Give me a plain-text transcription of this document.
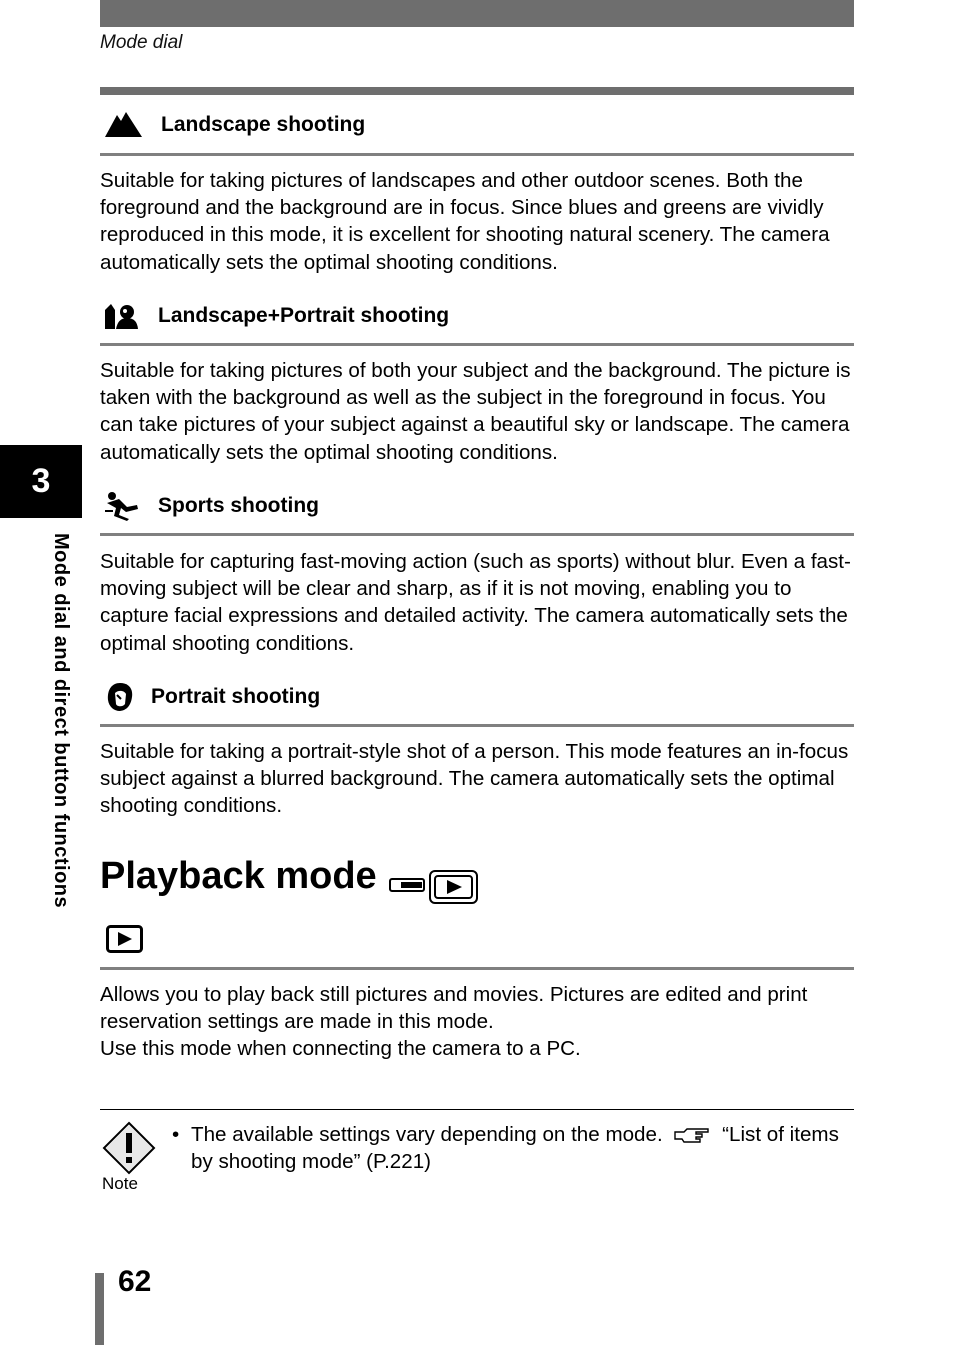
Mode dial
3
Mode dial and direct button functions
Landscape shooting

Suitable for taking pictures of landscapes and other outdoor scenes. Both the foreground and the background are in focus. Since blues and greens are vividly reproduced in this mode, it is excellent for shooting natural scenery. The camera automatically sets the optimal shooting conditions.

Landscape+Portrait shooting

Suitable for taking pictures of both your subject and the background. The picture is taken with the background as well as the subject in the foreground in focus. You can take pictures of your subject against a beautiful sky or landscape. The camera automatically sets the optimal shooting conditions.

Sports shooting

Suitable for capturing fast-moving action (such as sports) without blur. Even a fast-moving subject will be clear and sharp, as if it is not moving, enabling you to capture facial expressions and detailed activity. The camera automatically sets the optimal shooting conditions.

Portrait shooting

Suitable for taking a portrait-style shot of a person. This mode features an in-focus subject against a blurred background. The camera automatically sets the optimal shooting conditions.

Playback mode

Allows you to play back still pictures and movies. Pictures are edited and print reservation settings are made in this mode.

Use this mode when connecting the camera to a PC.

Note
• The available settings vary depending on the mode.	“List of items by shooting mode” (P.221)
62
